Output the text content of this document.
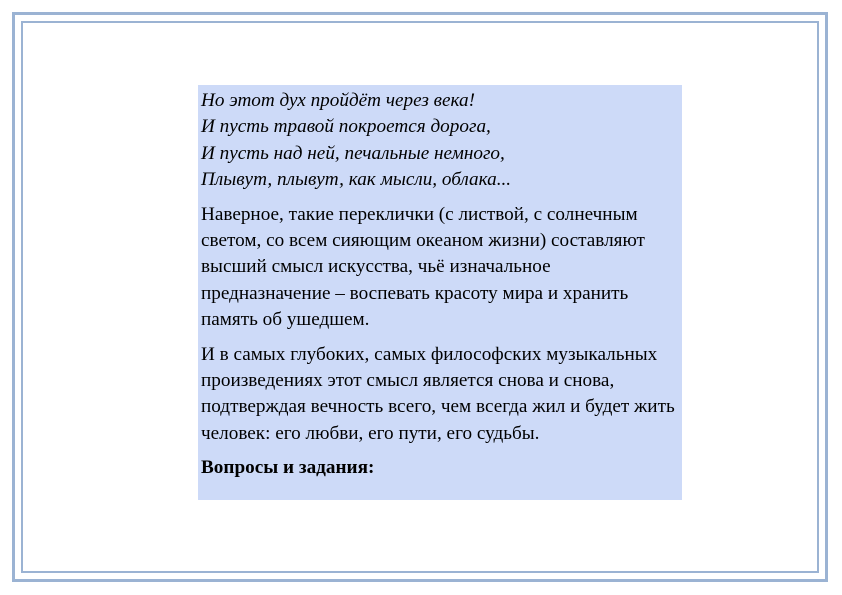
Но этот дух пройдёт через века!
И пусть травой покроется дорога,
И пусть над ней, печальные немного,
Плывут, плывут, как мысли, облака...

Наверное, такие переклички (с листвой, с солнечным светом, со всем сияющим океаном жизни) составляют высший смысл искусства, чьё изначальное предназначение – воспевать красоту мира и хранить память об ушедшем.

И в самых глубоких, самых философских музыкальных произведениях этот смысл является снова и снова, подтверждая вечность всего, чем всегда жил и будет жить человек: его любви, его пути, его судьбы.

Вопросы и задания:
